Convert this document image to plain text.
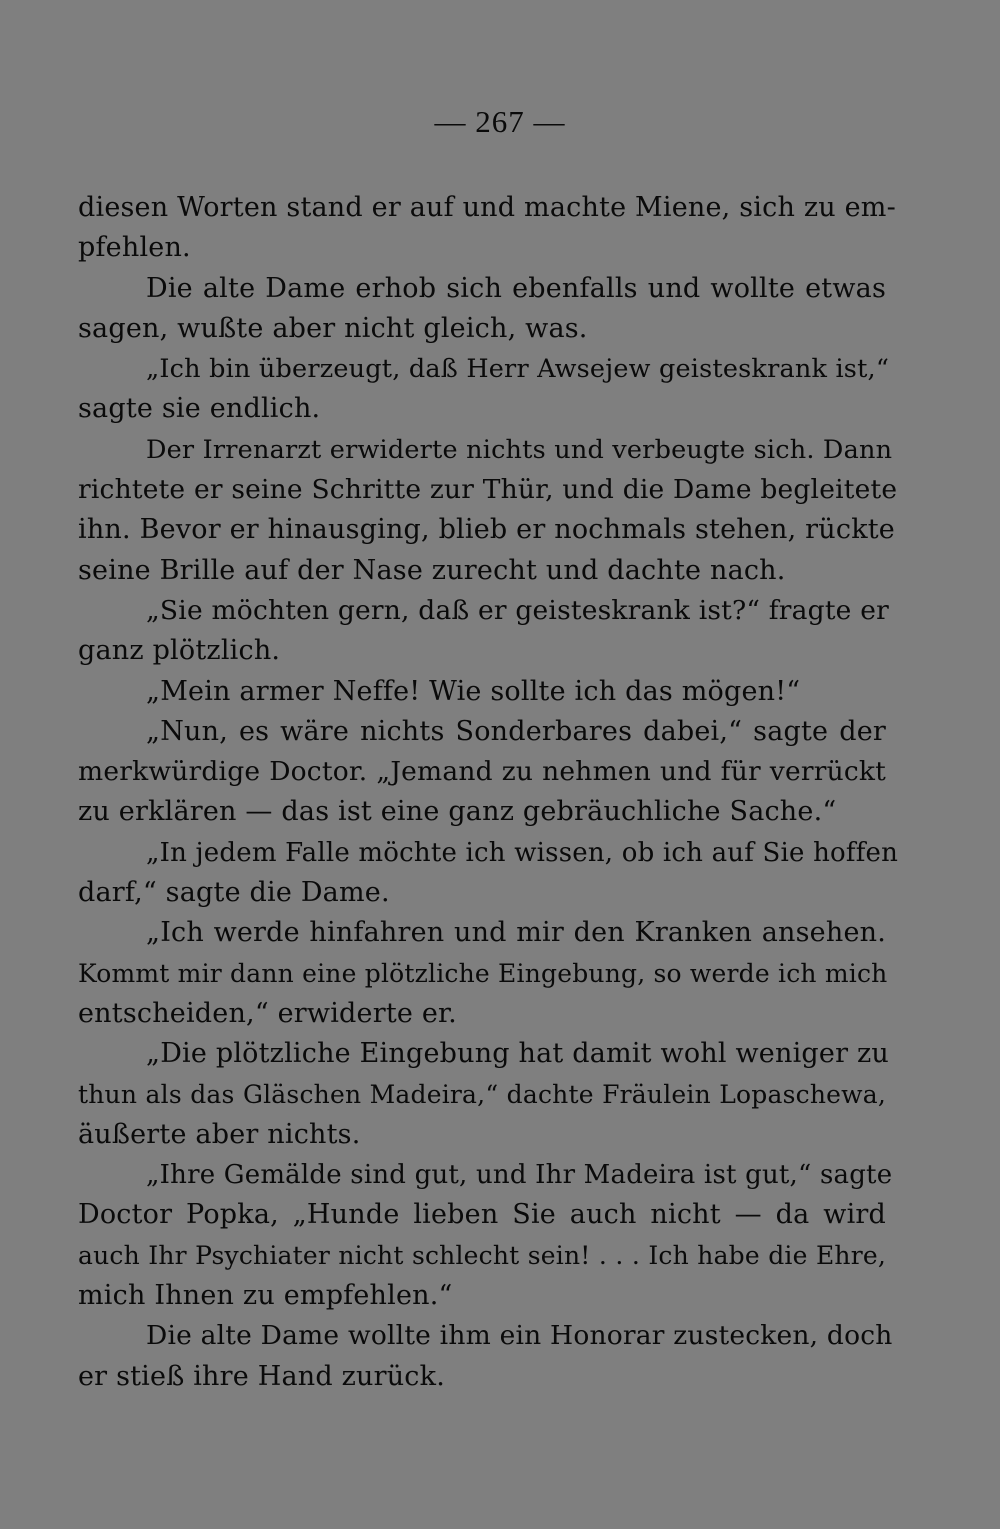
— 267 —
diesen Worten stand er auf und machte Miene, sich zu em-
pfehlen.
Die alte Dame erhob sich ebenfalls und wollte etwas
sagen, wußte aber nicht gleich, was.
„Ich bin überzeugt, daß Herr Awsejew geisteskrank ist,“
sagte sie endlich.
Der Irrenarzt erwiderte nichts und verbeugte sich. Dann
richtete er seine Schritte zur Thür, und die Dame begleitete
ihn. Bevor er hinausging, blieb er nochmals stehen, rückte
seine Brille auf der Nase zurecht und dachte nach.
„Sie möchten gern, daß er geisteskrank ist?“ fragte er
ganz plötzlich.
„Mein armer Neffe! Wie sollte ich das mögen!“
„Nun, es wäre nichts Sonderbares dabei,“ sagte der
merkwürdige Doctor. „Jemand zu nehmen und für verrückt
zu erklären — das ist eine ganz gebräuchliche Sache.“
„In jedem Falle möchte ich wissen, ob ich auf Sie hoffen
darf,“ sagte die Dame.
„Ich werde hinfahren und mir den Kranken ansehen.
Kommt mir dann eine plötzliche Eingebung, so werde ich mich
entscheiden,“ erwiderte er.
„Die plötzliche Eingebung hat damit wohl weniger zu
thun als das Gläschen Madeira,“ dachte Fräulein Lopaschewa,
äußerte aber nichts.
„Ihre Gemälde sind gut, und Ihr Madeira ist gut,“ sagte
Doctor Popka, „Hunde lieben Sie auch nicht — da wird
auch Ihr Psychiater nicht schlecht sein! . . . Ich habe die Ehre,
mich Ihnen zu empfehlen.“
Die alte Dame wollte ihm ein Honorar zustecken, doch
er stieß ihre Hand zurück.
